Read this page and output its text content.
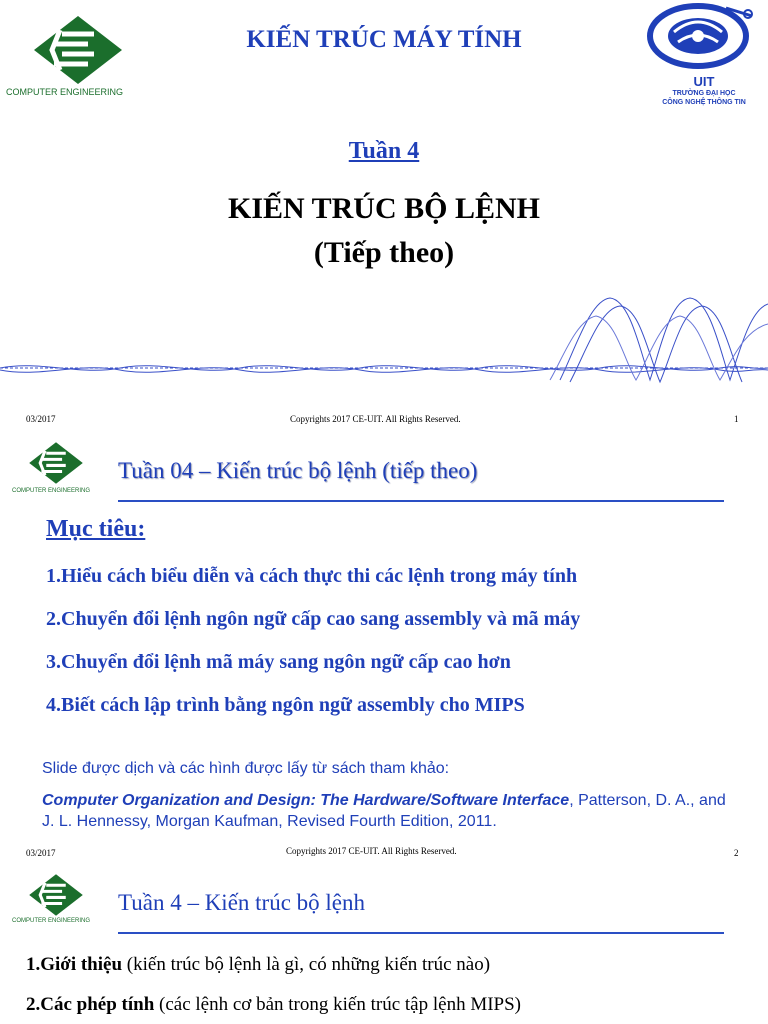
COMPUTER ENGINEERING
KIẾN TRÚC MÁY TÍNH
UIT
TRƯỜNG ĐẠI HỌC
CÔNG NGHỆ THÔNG TIN
Tuần 4
KIẾN TRÚC BỘ LỆNH
(Tiếp theo)
03/2017	Copyrights 2017 CE-UIT. All Rights Reserved.	1
COMPUTER ENGINEERING
Tuần 04 – Kiến trúc bộ lệnh (tiếp theo)
Mục tiêu:
1.Hiểu cách biểu diễn và cách thực thi các lệnh trong máy tính
2.Chuyển đổi lệnh ngôn ngữ cấp cao sang assembly và mã máy
3.Chuyển đổi lệnh mã máy sang ngôn ngữ cấp cao hơn
4.Biết cách lập trình bằng ngôn ngữ assembly cho MIPS
Slide được dịch và các hình được lấy từ sách tham khảo:
Computer Organization and Design: The Hardware/Software Interface, Patterson, D. A., and J. L. Hennessy, Morgan Kaufman, Revised Fourth Edition, 2011.
03/2017	Copyrights 2017 CE-UIT. All Rights Reserved.	2
COMPUTER ENGINEERING
Tuần 4 – Kiến trúc bộ lệnh
1.Giới thiệu (kiến trúc bộ lệnh là gì, có những kiến trúc nào)
2.Các phép tính (các lệnh cơ bản trong kiến trúc tập lệnh MIPS)
